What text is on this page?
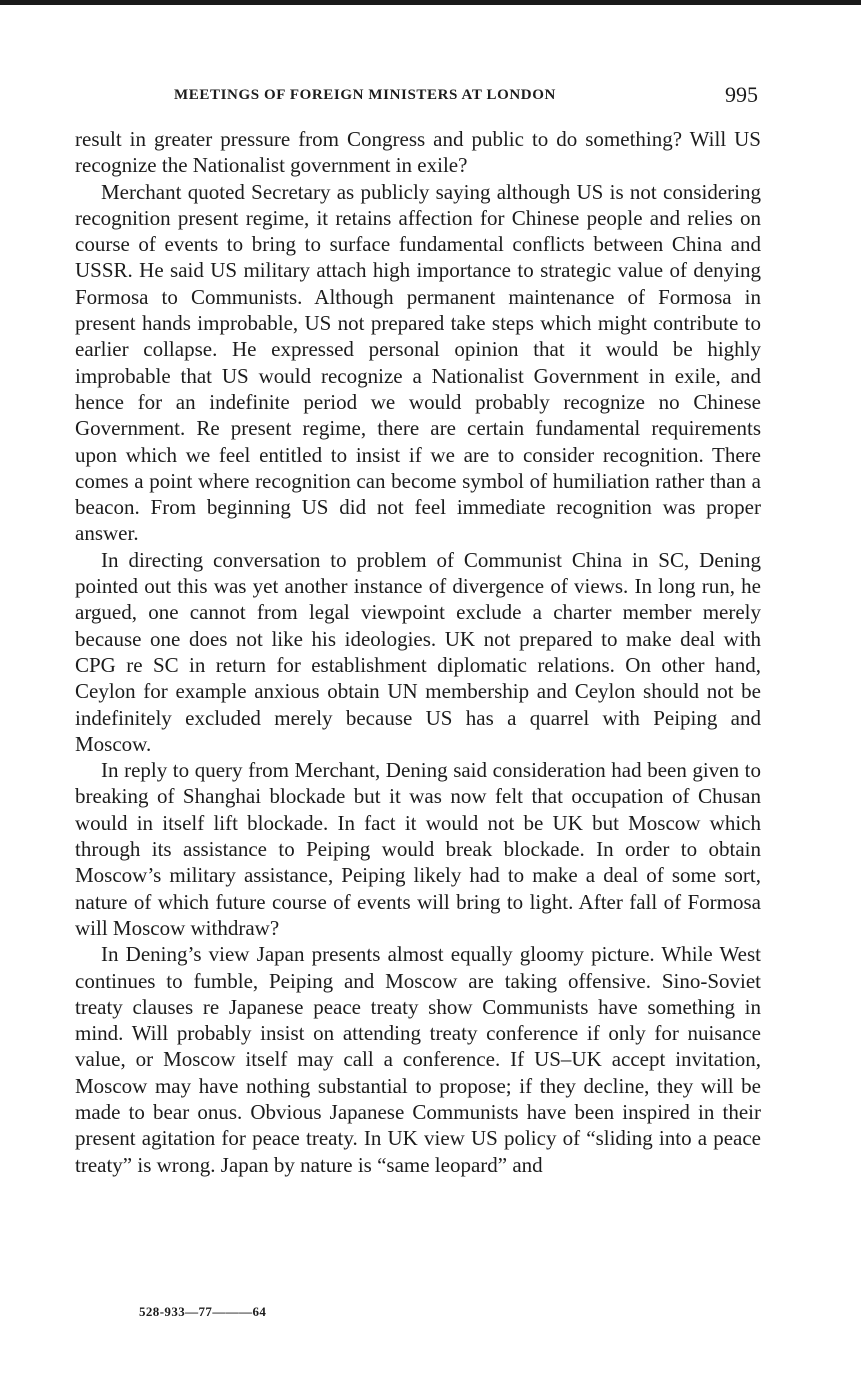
MEETINGS OF FOREIGN MINISTERS AT LONDON	995

result in greater pressure from Congress and public to do something? Will US recognize the Nationalist government in exile?

Merchant quoted Secretary as publicly saying although US is not considering recognition present regime, it retains affection for Chinese people and relies on course of events to bring to surface fundamental conflicts between China and USSR. He said US military attach high importance to strategic value of denying Formosa to Communists. Although permanent maintenance of Formosa in present hands improbable, US not prepared take steps which might contribute to earlier collapse. He expressed personal opinion that it would be highly improbable that US would recognize a Nationalist Government in exile, and hence for an indefinite period we would probably recognize no Chinese Government. Re present regime, there are certain fundamental requirements upon which we feel entitled to insist if we are to consider recognition. There comes a point where recognition can become symbol of humiliation rather than a beacon. From beginning US did not feel immediate recognition was proper answer.

In directing conversation to problem of Communist China in SC, Dening pointed out this was yet another instance of divergence of views. In long run, he argued, one cannot from legal viewpoint exclude a charter member merely because one does not like his ideologies. UK not prepared to make deal with CPG re SC in return for establishment diplomatic relations. On other hand, Ceylon for example anxious obtain UN membership and Ceylon should not be indefinitely excluded merely because US has a quarrel with Peiping and Moscow.

In reply to query from Merchant, Dening said consideration had been given to breaking of Shanghai blockade but it was now felt that occupation of Chusan would in itself lift blockade. In fact it would not be UK but Moscow which through its assistance to Peiping would break blockade. In order to obtain Moscow’s military assistance, Peiping likely had to make a deal of some sort, nature of which future course of events will bring to light. After fall of Formosa will Moscow withdraw?

In Dening’s view Japan presents almost equally gloomy picture. While West continues to fumble, Peiping and Moscow are taking offensive. Sino-Soviet treaty clauses re Japanese peace treaty show Communists have something in mind. Will probably insist on attending treaty conference if only for nuisance value, or Moscow itself may call a conference. If US–UK accept invitation, Moscow may have nothing substantial to propose; if they decline, they will be made to bear onus. Obvious Japanese Communists have been inspired in their present agitation for peace treaty. In UK view US policy of “sliding into a peace treaty” is wrong. Japan by nature is “same leopard” and

528-933—77———64
